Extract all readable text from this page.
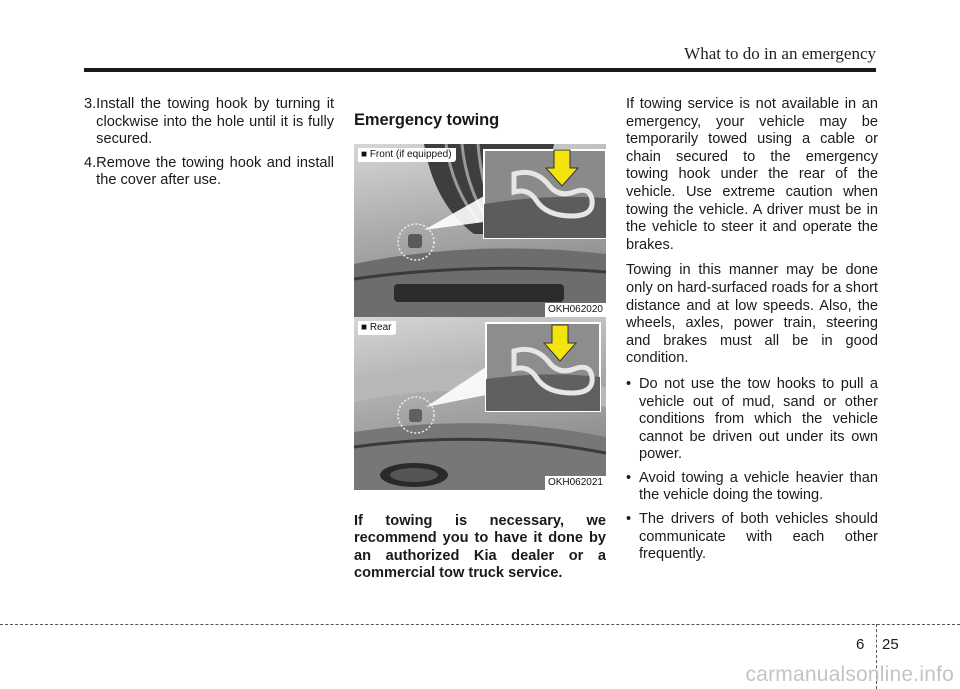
What to do in an emergency
3. Install the towing hook by turning it clockwise into the hole until it is fully secured.
4. Remove the towing hook and install the cover after use.
Emergency towing
■ Front (if equipped)
OKH062020
■ Rear
OKH062021
If towing is necessary, we recommend you to have it done by an authorized Kia dealer or a commercial tow truck service.

If towing service is not available in an emergency, your vehicle may be temporarily towed using a cable or chain secured to the emergency towing hook under the rear of the vehicle. Use extreme caution when towing the vehicle. A driver must be in the vehicle to steer it and operate the brakes.

Towing in this manner may be done only on hard-surfaced roads for a short distance and at low speeds. Also, the wheels, axles, power train, steering and brakes must all be in good condition.

• Do not use the tow hooks to pull a vehicle out of mud, sand or other conditions from which the vehicle cannot be driven out under its own power.
• Avoid towing a vehicle heavier than the vehicle doing the towing.
• The drivers of both vehicles should communicate with each other frequently.
6 25
carmanualsonline.info
